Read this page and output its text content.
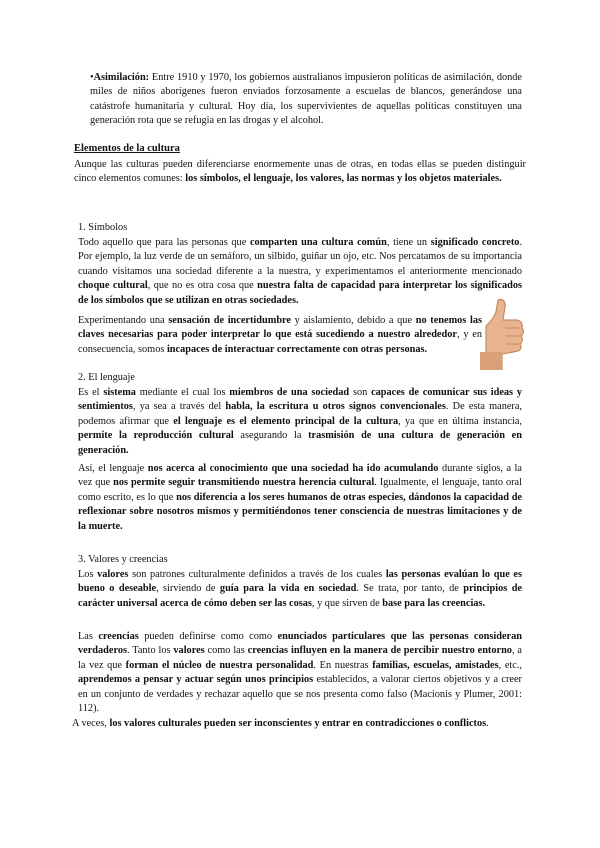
•Asimilación: Entre 1910 y 1970, los gobiernos australianos impusieron políticas de asimilación, donde miles de niños aborígenes fueron enviados forzosamente a escuelas de blancos, generándose una catástrofe humanitaria y cultural. Hoy día, los supervivientes de aquellas políticas constituyen una generación rota que se refugia en las drogas y el alcohol.

Elementos de la cultura

Aunque las culturas pueden diferenciarse enormemente unas de otras, en todas ellas se pueden distinguir cinco elementos comunes: los símbolos, el lenguaje, los valores, las normas y los objetos materiales.

1. Símbolos

Todo aquello que para las personas que comparten una cultura común, tiene un significado concreto. Por ejemplo, la luz verde de un semáforo, un silbido, guiñar un ojo, etc. Nos percatamos de su importancia cuando visitamos una sociedad diferente a la nuestra, y experimentamos el anteriormente mencionado choque cultural, que no es otra cosa que nuestra falta de capacidad para interpretar los significados de los símbolos que se utilizan en otras sociedades.

Experimentando una sensación de incertidumbre y aislamiento, debido a que no tenemos las claves necesarias para poder interpretar lo que está sucediendo a nuestro alrededor, y en consecuencia, somos incapaces de interactuar correctamente con otras personas.

2. El lenguaje

Es el sistema mediante el cual los miembros de una sociedad son capaces de comunicar sus ideas y sentimientos, ya sea a través del habla, la escritura u otros signos convencionales. De esta manera, podemos afirmar que el lenguaje es el elemento principal de la cultura, ya que en última instancia, permite la reproducción cultural asegurando la trasmisión de una cultura de generación en generación.

Así, el lenguaje nos acerca al conocimiento que una sociedad ha ido acumulando durante siglos, a la vez que nos permite seguir transmitiendo nuestra herencia cultural. Igualmente, el lenguaje, tanto oral como escrito, es lo que nos diferencia a los seres humanos de otras especies, dándonos la capacidad de reflexionar sobre nosotros mismos y permitiéndonos tener consciencia de nuestras limitaciones y de la muerte.

3. Valores y creencias

Los valores son patrones culturalmente definidos a través de los cuales las personas evalúan lo que es bueno o deseable, sirviendo de guía para la vida en sociedad. Se trata, por tanto, de principios de carácter universal acerca de cómo deben ser las cosas, y que sirven de base para las creencias.

Las creencias pueden definirse como como enunciados particulares que las personas consideran verdaderos. Tanto los valores como las creencias influyen en la manera de percibir nuestro entorno, a la vez que forman el núcleo de nuestra personalidad. En nuestras familias, escuelas, amistades, etc., aprendemos a pensar y actuar según unos principios establecidos, a valorar ciertos objetivos y a creer en un conjunto de verdades y rechazar aquello que se nos presenta como falso (Macionis y Plumer, 2001: 112).

A veces, los valores culturales pueden ser inconscientes y entrar en contradicciones o conflictos.
